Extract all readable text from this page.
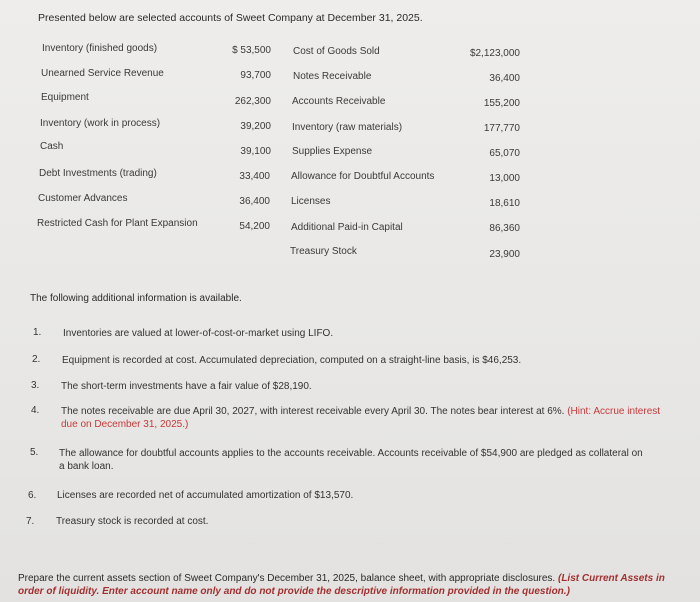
Presented below are selected accounts of Sweet Company at December 31, 2025.
Inventory (finished goods)	$ 53,500
Unearned Service Revenue	93,700
Equipment	262,300
Inventory (work in process)	39,200
Cash	39,100
Debt Investments (trading)	33,400
Customer Advances	36,400
Restricted Cash for Plant Expansion	54,200
Cost of Goods Sold	$2,123,000
Notes Receivable	36,400
Accounts Receivable	155,200
Inventory (raw materials)	177,770
Supplies Expense	65,070
Allowance for Doubtful Accounts	13,000
Licenses	18,610
Additional Paid-in Capital	86,360
Treasury Stock	23,900
The following additional information is available.
1. Inventories are valued at lower-of-cost-or-market using LIFO.
2. Equipment is recorded at cost. Accumulated depreciation, computed on a straight-line basis, is $46,253.
3. The short-term investments have a fair value of $28,190.
4. The notes receivable are due April 30, 2027, with interest receivable every April 30. The notes bear interest at 6%. (Hint: Accrue interest due on December 31, 2025.)
5. The allowance for doubtful accounts applies to the accounts receivable. Accounts receivable of $54,900 are pledged as collateral on a bank loan.
6. Licenses are recorded net of accumulated amortization of $13,570.
7. Treasury stock is recorded at cost.
Prepare the current assets section of Sweet Company's December 31, 2025, balance sheet, with appropriate disclosures. (List Current Assets in order of liquidity. Enter account name only and do not provide the descriptive information provided in the question.)
